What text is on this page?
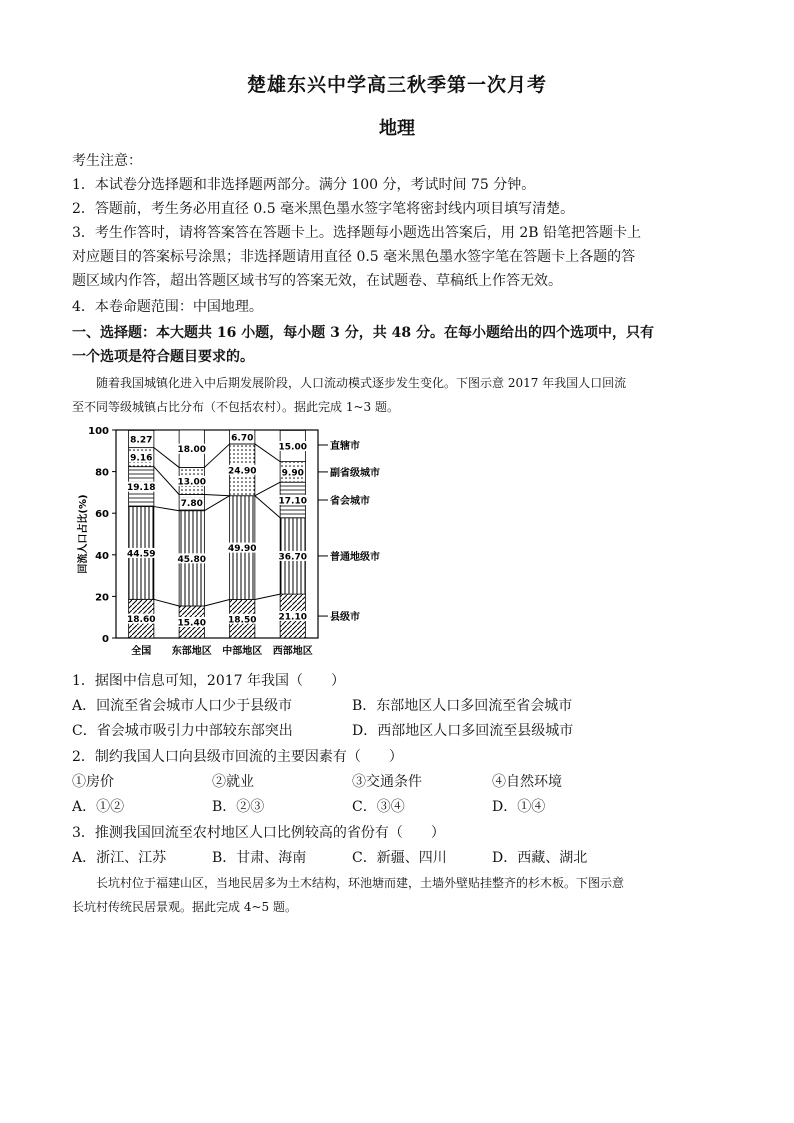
楚雄东兴中学高三秋季第一次月考
地理
考生注意：
1．本试卷分选择题和非选择题两部分。满分 100 分，考试时间 75 分钟。
2．答题前，考生务必用直径 0.5 毫米黑色墨水签字笔将密封线内项目填写清楚。
3．考生作答时，请将答案答在答题卡上。选择题每小题选出答案后，用 2B 铅笔把答题卡上
对应题目的答案标号涂黑；非选择题请用直径 0.5 毫米黑色墨水签字笔在答题卡上各题的答
题区域内作答，超出答题区域书写的答案无效，在试题卷、草稿纸上作答无效。
4．本卷命题范围：中国地理。
一、选择题：本大题共 16 小题，每小题 3 分，共 48 分。在每小题给出的四个选项中，只有
一个选项是符合题目要求的。
随着我国城镇化进入中后期发展阶段，人口流动模式逐步发生变化。下图示意 2017 年我国人口回流
至不同等级城镇占比分布（不包括农村）。据此完成 1~3 题。
0
20
40
60
80
100
回流人口占比(%)
18.60
44.59
19.18
9.16
8.27
15.40
45.80
7.80
13.00
18.00
18.50
49.90
24.90
6.70
21.10
36.70
17.10
9.90
15.00
全国 东部地区 中部地区 西部地区
县级市
普通地级市
省会城市
副省级城市
直辖市
1．据图中信息可知，2017 年我国（　　）
A．回流至省会城市人口少于县级市	B．东部地区人口多回流至省会城市
C．省会城市吸引力中部较东部突出	D．西部地区人口多回流至县级城市
2．制约我国人口向县级市回流的主要因素有（　　）
①房价	②就业	③交通条件	④自然环境
A．①②	B．②③	C．③④	D．①④
3．推测我国回流至农村地区人口比例较高的省份有（　　）
A．浙江、江苏	B．甘肃、海南	C．新疆、四川	D．西藏、湖北
长坑村位于福建山区，当地民居多为土木结构，环池塘而建，土墙外壁贴挂整齐的杉木板。下图示意
长坑村传统民居景观。据此完成 4~5 题。
